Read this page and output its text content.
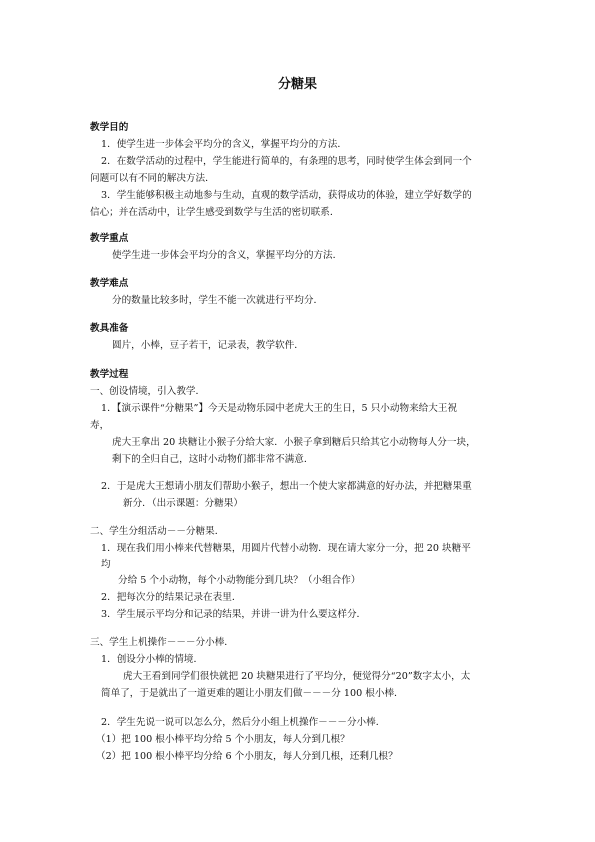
分糖果
教学目的
1．使学生进一步体会平均分的含义，掌握平均分的方法．
2．在数学活动的过程中，学生能进行简单的，有条理的思考，同时使学生体会到同一个
问题可以有不同的解决方法．
3．学生能够积极主动地参与生动，直观的数学活动，获得成功的体验，建立学好数学的
信心；并在活动中，让学生感受到数学与生活的密切联系．
教学重点
使学生进一步体会平均分的含义，掌握平均分的方法．
教学难点
分的数量比较多时，学生不能一次就进行平均分．
教具准备
圆片，小棒，豆子若干，记录表，教学软件．
教学过程
一、创设情境，引入教学．
1．【演示课件“分糖果”】今天是动物乐园中老虎大王的生日，5 只小动物来给大王祝
寿，
虎大王拿出 20 块糖让小猴子分给大家．小猴子拿到糖后只给其它小动物每人分一块，
剩下的全归自己，这时小动物们都非常不满意．
2．于是虎大王想请小朋友们帮助小猴子，想出一个使大家都满意的好办法，并把糖果重
新分．（出示课题：分糖果）
二、学生分组活动－－分糖果．
1．现在我们用小棒来代替糖果，用圆片代替小动物．现在请大家分一分，把 20 块糖平
均
分给 5 个小动物，每个小动物能分到几块？（小组合作）
2．把每次分的结果记录在表里．
3．学生展示平均分和记录的结果，并讲一讲为什么要这样分．
三、学生上机操作－－－分小棒．
1．创设分小棒的情境．
虎大王看到同学们很快就把 20 块糖果进行了平均分，便觉得分“20”数字太小，太
简单了，于是就出了一道更难的题让小朋友们做－－－分 100 根小棒．
2．学生先说一说可以怎么分，然后分小组上机操作－－－分小棒．
（1）把 100 根小棒平均分给 5 个小朋友，每人分到几根？
（2）把 100 根小棒平均分给 6 个小朋友，每人分到几根，还剩几根？
